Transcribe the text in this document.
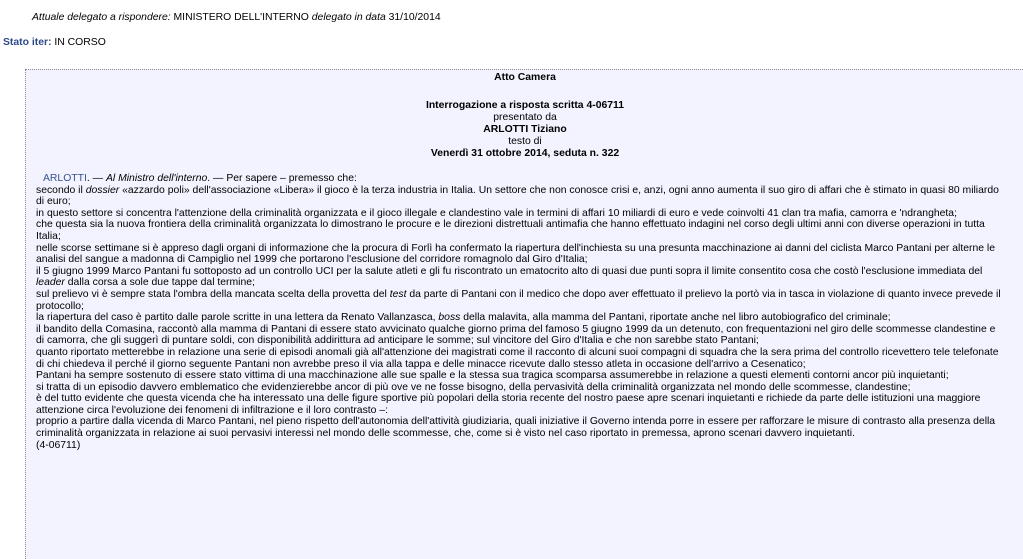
Attuale delegato a rispondere: MINISTERO DELL'INTERNO delegato in data 31/10/2014
Stato iter: IN CORSO
Atto Camera
Interrogazione a risposta scritta 4-06711
presentato da
ARLOTTI Tiziano
testo di
Venerdì 31 ottobre 2014, seduta n. 322

ARLOTTI. — Al Ministro dell'interno. — Per sapere – premesso che:

secondo il dossier «azzardo poli» dell'associazione «Libera» il gioco è la terza industria in Italia. Un settore che non conosce crisi e, anzi, ogni anno aumenta il suo giro di affari che è stimato in quasi 80 miliardo di euro;

in questo settore si concentra l'attenzione della criminalità organizzata e il gioco illegale e clandestino vale in termini di affari 10 miliardi di euro e vede coinvolti 41 clan tra mafia, camorra e 'ndrangheta;

che questa sia la nuova frontiera della criminalità organizzata lo dimostrano le procure e le direzioni distrettuali antimafia che hanno effettuato indagini nel corso degli ultimi anni con diverse operazioni in tutta Italia;

nelle scorse settimane si è appreso dagli organi di informazione che la procura di Forlì ha confermato la riapertura dell'inchiesta su una presunta macchinazione ai danni del ciclista Marco Pantani per alterne le analisi del sangue a madonna di Campiglio nel 1999 che portarono l'esclusione del corridore romagnolo dal Giro d'Italia;

il 5 giugno 1999 Marco Pantani fu sottoposto ad un controllo UCI per la salute atleti e gli fu riscontrato un ematocrito alto di quasi due punti sopra il limite consentito cosa che costò l'esclusione immediata del leader dalla corsa a sole due tappe dal termine;

sul prelievo vi è sempre stata l'ombra della mancata scelta della provetta del test da parte di Pantani con il medico che dopo aver effettuato il prelievo la portò via in tasca in violazione di quanto invece prevede il protocollo;

la riapertura del caso è partito dalle parole scritte in una lettera da Renato Vallanzasca, boss della malavita, alla mamma del Pantani, riportate anche nel libro autobiografico del criminale;

il bandito della Comasina, raccontò alla mamma di Pantani di essere stato avvicinato qualche giorno prima del famoso 5 giugno 1999 da un detenuto, con frequentazioni nel giro delle scommesse clandestine e di camorra, che gli suggerì di puntare soldi, con disponibilità addirittura ad anticipare le somme; sul vincitore del Giro d'Italia e che non sarebbe stato Pantani;

quanto riportato metterebbe in relazione una serie di episodi anomali già all'attenzione dei magistrati come il racconto di alcuni suoi compagni di squadra che la sera prima del controllo ricevettero tele telefonate di chi chiedeva il perché il giorno seguente Pantani non avrebbe preso il via alla tappa e delle minacce ricevute dallo stesso atleta in occasione dell'arrivo a Cesenatico;

Pantani ha sempre sostenuto di essere stato vittima di una macchinazione alle sue spalle e la stessa sua tragica scomparsa assumerebbe in relazione a questi elementi contorni ancor più inquietanti;

si tratta di un episodio davvero emblematico che evidenzierebbe ancor di più ove ve ne fosse bisogno, della pervasività della criminalità organizzata nel mondo delle scommesse, clandestine;

è del tutto evidente che questa vicenda che ha interessato una delle figure sportive più popolari della storia recente del nostro paese apre scenari inquietanti e richiede da parte delle istituzioni una maggiore attenzione circa l'evoluzione dei fenomeni di infiltrazione e il loro contrasto –:

proprio a partire dalla vicenda di Marco Pantani, nel pieno rispetto dell'autonomia dell'attività giudiziaria, quali iniziative il Governo intenda porre in essere per rafforzare le misure di contrasto alla presenza della criminalità organizzata in relazione ai suoi pervasivi interessi nel mondo delle scommesse, che, come si è visto nel caso riportato in premessa, aprono scenari davvero inquietanti.

(4-06711)
